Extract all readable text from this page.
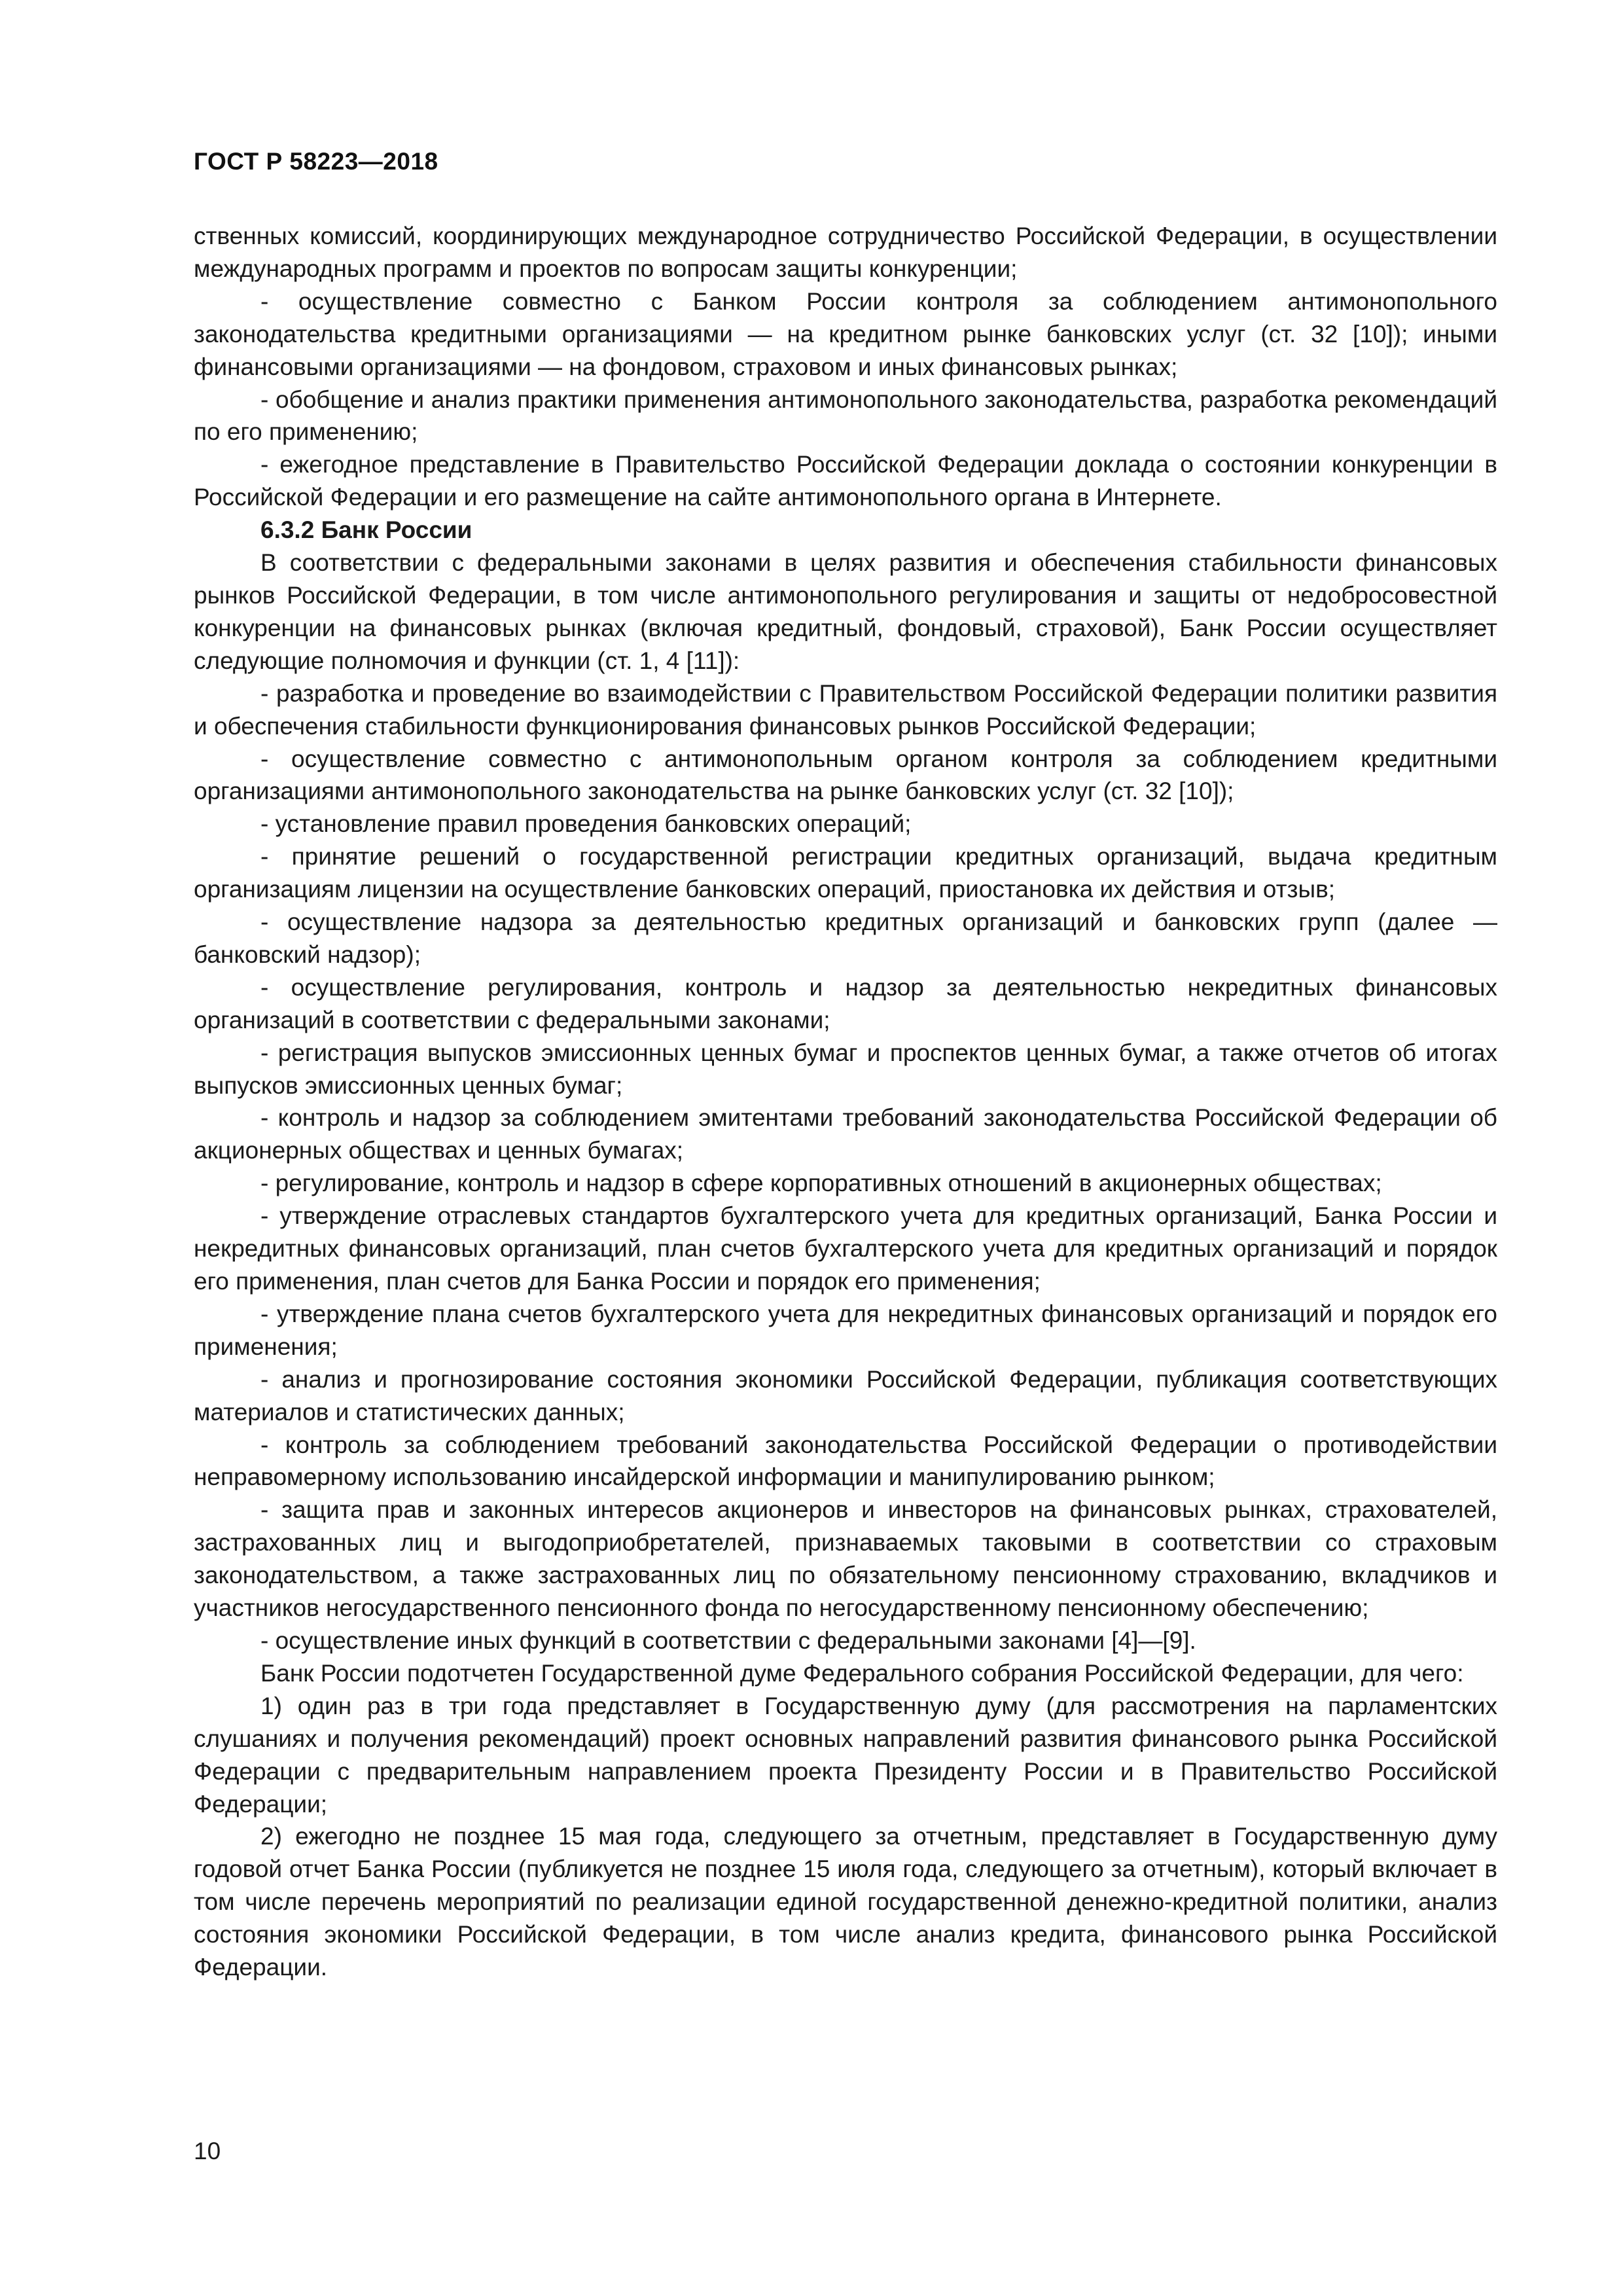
ГОСТ Р 58223—2018

ственных комиссий, координирующих международное сотрудничество Российской Федерации, в осуществлении международных программ и проектов по вопросам защиты конкуренции;

- осуществление совместно с Банком России контроля за соблюдением антимонопольного законодательства кредитными организациями — на кредитном рынке банковских услуг (ст. 32 [10]); иными финансовыми организациями — на фондовом, страховом и иных финансовых рынках;

- обобщение и анализ практики применения антимонопольного законодательства, разработка рекомендаций по его применению;

- ежегодное представление в Правительство Российской Федерации доклада о состоянии конкуренции в Российской Федерации и его размещение на сайте антимонопольного органа в Интернете.

6.3.2 Банк России

В соответствии с федеральными законами в целях развития и обеспечения стабильности финансовых рынков Российской Федерации, в том числе антимонопольного регулирования и защиты от недобросовестной конкуренции на финансовых рынках (включая кредитный, фондовый, страховой), Банк России осуществляет следующие полномочия и функции (ст. 1, 4 [11]):

- разработка и проведение во взаимодействии с Правительством Российской Федерации политики развития и обеспечения стабильности функционирования финансовых рынков Российской Федерации;

- осуществление совместно с антимонопольным органом контроля за соблюдением кредитными организациями антимонопольного законодательства на рынке банковских услуг (ст. 32 [10]);

- установление правил проведения банковских операций;

- принятие решений о государственной регистрации кредитных организаций, выдача кредитным организациям лицензии на осуществление банковских операций, приостановка их действия и отзыв;

- осуществление надзора за деятельностью кредитных организаций и банковских групп (далее — банковский надзор);

- осуществление регулирования, контроль и надзор за деятельностью некредитных финансовых организаций в соответствии с федеральными законами;

- регистрация выпусков эмиссионных ценных бумаг и проспектов ценных бумаг, а также отчетов об итогах выпусков эмиссионных ценных бумаг;

- контроль и надзор за соблюдением эмитентами требований законодательства Российской Федерации об акционерных обществах и ценных бумагах;

- регулирование, контроль и надзор в сфере корпоративных отношений в акционерных обществах;

- утверждение отраслевых стандартов бухгалтерского учета для кредитных организаций, Банка России и некредитных финансовых организаций, план счетов бухгалтерского учета для кредитных организаций и порядок его применения, план счетов для Банка России и порядок его применения;

- утверждение плана счетов бухгалтерского учета для некредитных финансовых организаций и порядок его применения;

- анализ и прогнозирование состояния экономики Российской Федерации, публикация соответствующих материалов и статистических данных;

- контроль за соблюдением требований законодательства Российской Федерации о противодействии неправомерному использованию инсайдерской информации и манипулированию рынком;

- защита прав и законных интересов акционеров и инвесторов на финансовых рынках, страхователей, застрахованных лиц и выгодоприобретателей, признаваемых таковыми в соответствии со страховым законодательством, а также застрахованных лиц по обязательному пенсионному страхованию, вкладчиков и участников негосударственного пенсионного фонда по негосударственному пенсионному обеспечению;

- осуществление иных функций в соответствии с федеральными законами [4]—[9].

Банк России подотчетен Государственной думе Федерального собрания Российской Федерации, для чего:

1) один раз в три года представляет в Государственную думу (для рассмотрения на парламентских слушаниях и получения рекомендаций) проект основных направлений развития финансового рынка Российской Федерации с предварительным направлением проекта Президенту России и в Правительство Российской Федерации;

2) ежегодно не позднее 15 мая года, следующего за отчетным, представляет в Государственную думу годовой отчет Банка России (публикуется не позднее 15 июля года, следующего за отчетным), который включает в том числе перечень мероприятий по реализации единой государственной денежно-кредитной политики, анализ состояния экономики Российской Федерации, в том числе анализ кредита, финансового рынка Российской Федерации.

10
